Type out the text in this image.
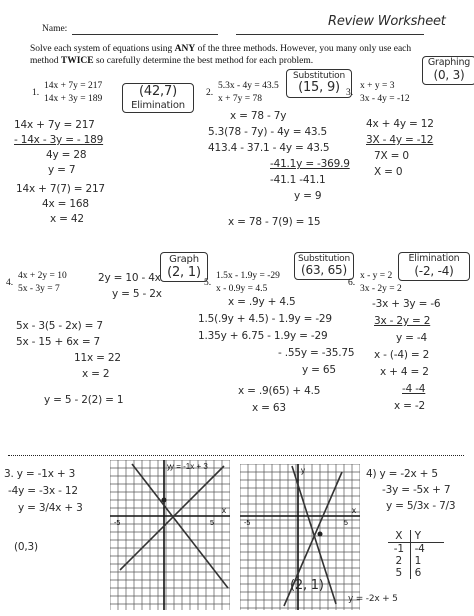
Name:	Review Worksheet
Solve each system of equations using ANY of the three methods. However, you many only use each
method TWICE so carefully determine the best method for each problem.
1.
14x + 7y = 217
14x + 3y = 189	(42,7)
Elimination
14x + 7y = 217
- 14x - 3y = - 189
4y = 28
y = 7
14x + 7(7) = 217
4x = 168
x = 42
2.
5.3x - 4y = 43.5
x + 7y = 78
Substitution
(15, 9)
x = 78 - 7y
5.3(78 - 7y) - 4y = 43.5
413.4 - 37.1 - 4y = 43.5
-41.1y = -369.9
-41.1 -41.1
y = 9
x = 78 - 7(9) = 15
3.
x + y = 3
3x - 4y = -12
Graphing
(0, 3)
4x + 4y = 12
3X - 4y = -12
7X = 0
X = 0
4.
4x + 2y = 10
5x - 3y = 7
Graph
(2, 1)
2y = 10 - 4x
y = 5 - 2x
5x - 3(5 - 2x) = 7
5x - 15 + 6x = 7
11x = 22
x = 2
y = 5 - 2(2) = 1
5.
1.5x - 1.9y = -29
x - 0.9y = 4.5
Substitution
(63, 65)
x = .9y + 4.5
1.5(.9y + 4.5) - 1.9y = -29
1.35y + 6.75 - 1.9y = -29
- .55y = -35.75
y = 65
x = .9(65) + 4.5
x = 63
6.
x - y = 2
3x - 2y = 2
Elimination
(-2, -4)
-3x + 3y = -6
3x - 2y = 2
y = -4
x - (-4) = 2
x + 4 = 2
-4 -4
x = -2
3. y = -1x + 3
-4y = -3x - 12
y = 3/4x + 3
(0,3)
y
x
-5	5
y = -1x + 3	y
x
-5	5
(2, 1)
y = -2x + 5
4) y = -2x + 5
-3y = -5x + 7
y = 5/3x - 7/3
X	Y
-1	-4
2	1
5	6
